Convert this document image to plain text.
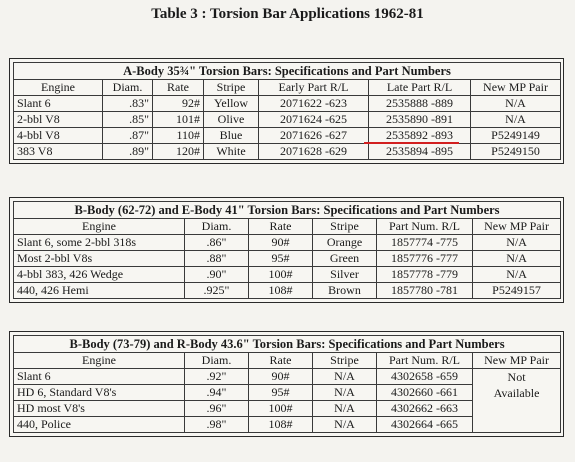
Table 3 : Torsion Bar Applications 1962-81
A-Body 35¾" Torsion Bars: Specifications and Part Numbers						
Engine	Diam.	Rate	Stripe	Early Part R/L	Late Part R/L	New MP Pair
Slant 6	.83"	92#	Yellow	2071622 -623	2535888 -889	N/A
2-bbl V8	.85"	101#	Olive	2071624 -625	2535890 -891	N/A
4-bbl V8	.87"	110#	Blue	2071626 -627	2535892 -893	P5249149
383 V8	.89"	120#	White	2071628 -629	2535894 -895	P5249150
B-Body (62-72) and E-Body 41" Torsion Bars: Specifications and Part Numbers					
Engine	Diam.	Rate	Stripe	Part Num. R/L	New MP Pair
Slant 6, some 2-bbl 318s	.86"	90#	Orange	1857774 -775	N/A
Most 2-bbl V8s	.88"	95#	Green	1857776 -777	N/A
4-bbl 383, 426 Wedge	.90"	100#	Silver	1857778 -779	N/A
440, 426 Hemi	.925"	108#	Brown	1857780 -781	P5249157
B-Body (73-79) and R-Body 43.6" Torsion Bars: Specifications and Part Numbers					
Engine	Diam.	Rate	Stripe	Part Num. R/L	New MP Pair
Slant 6	.92"	90#	N/A	4302658 -659	Not Available
HD 6, Standard V8's	.94"	95#	N/A	4302660 -661	
HD most V8's	.96"	100#	N/A	4302662 -663	
440, Police	.98"	108#	N/A	4302664 -665	
